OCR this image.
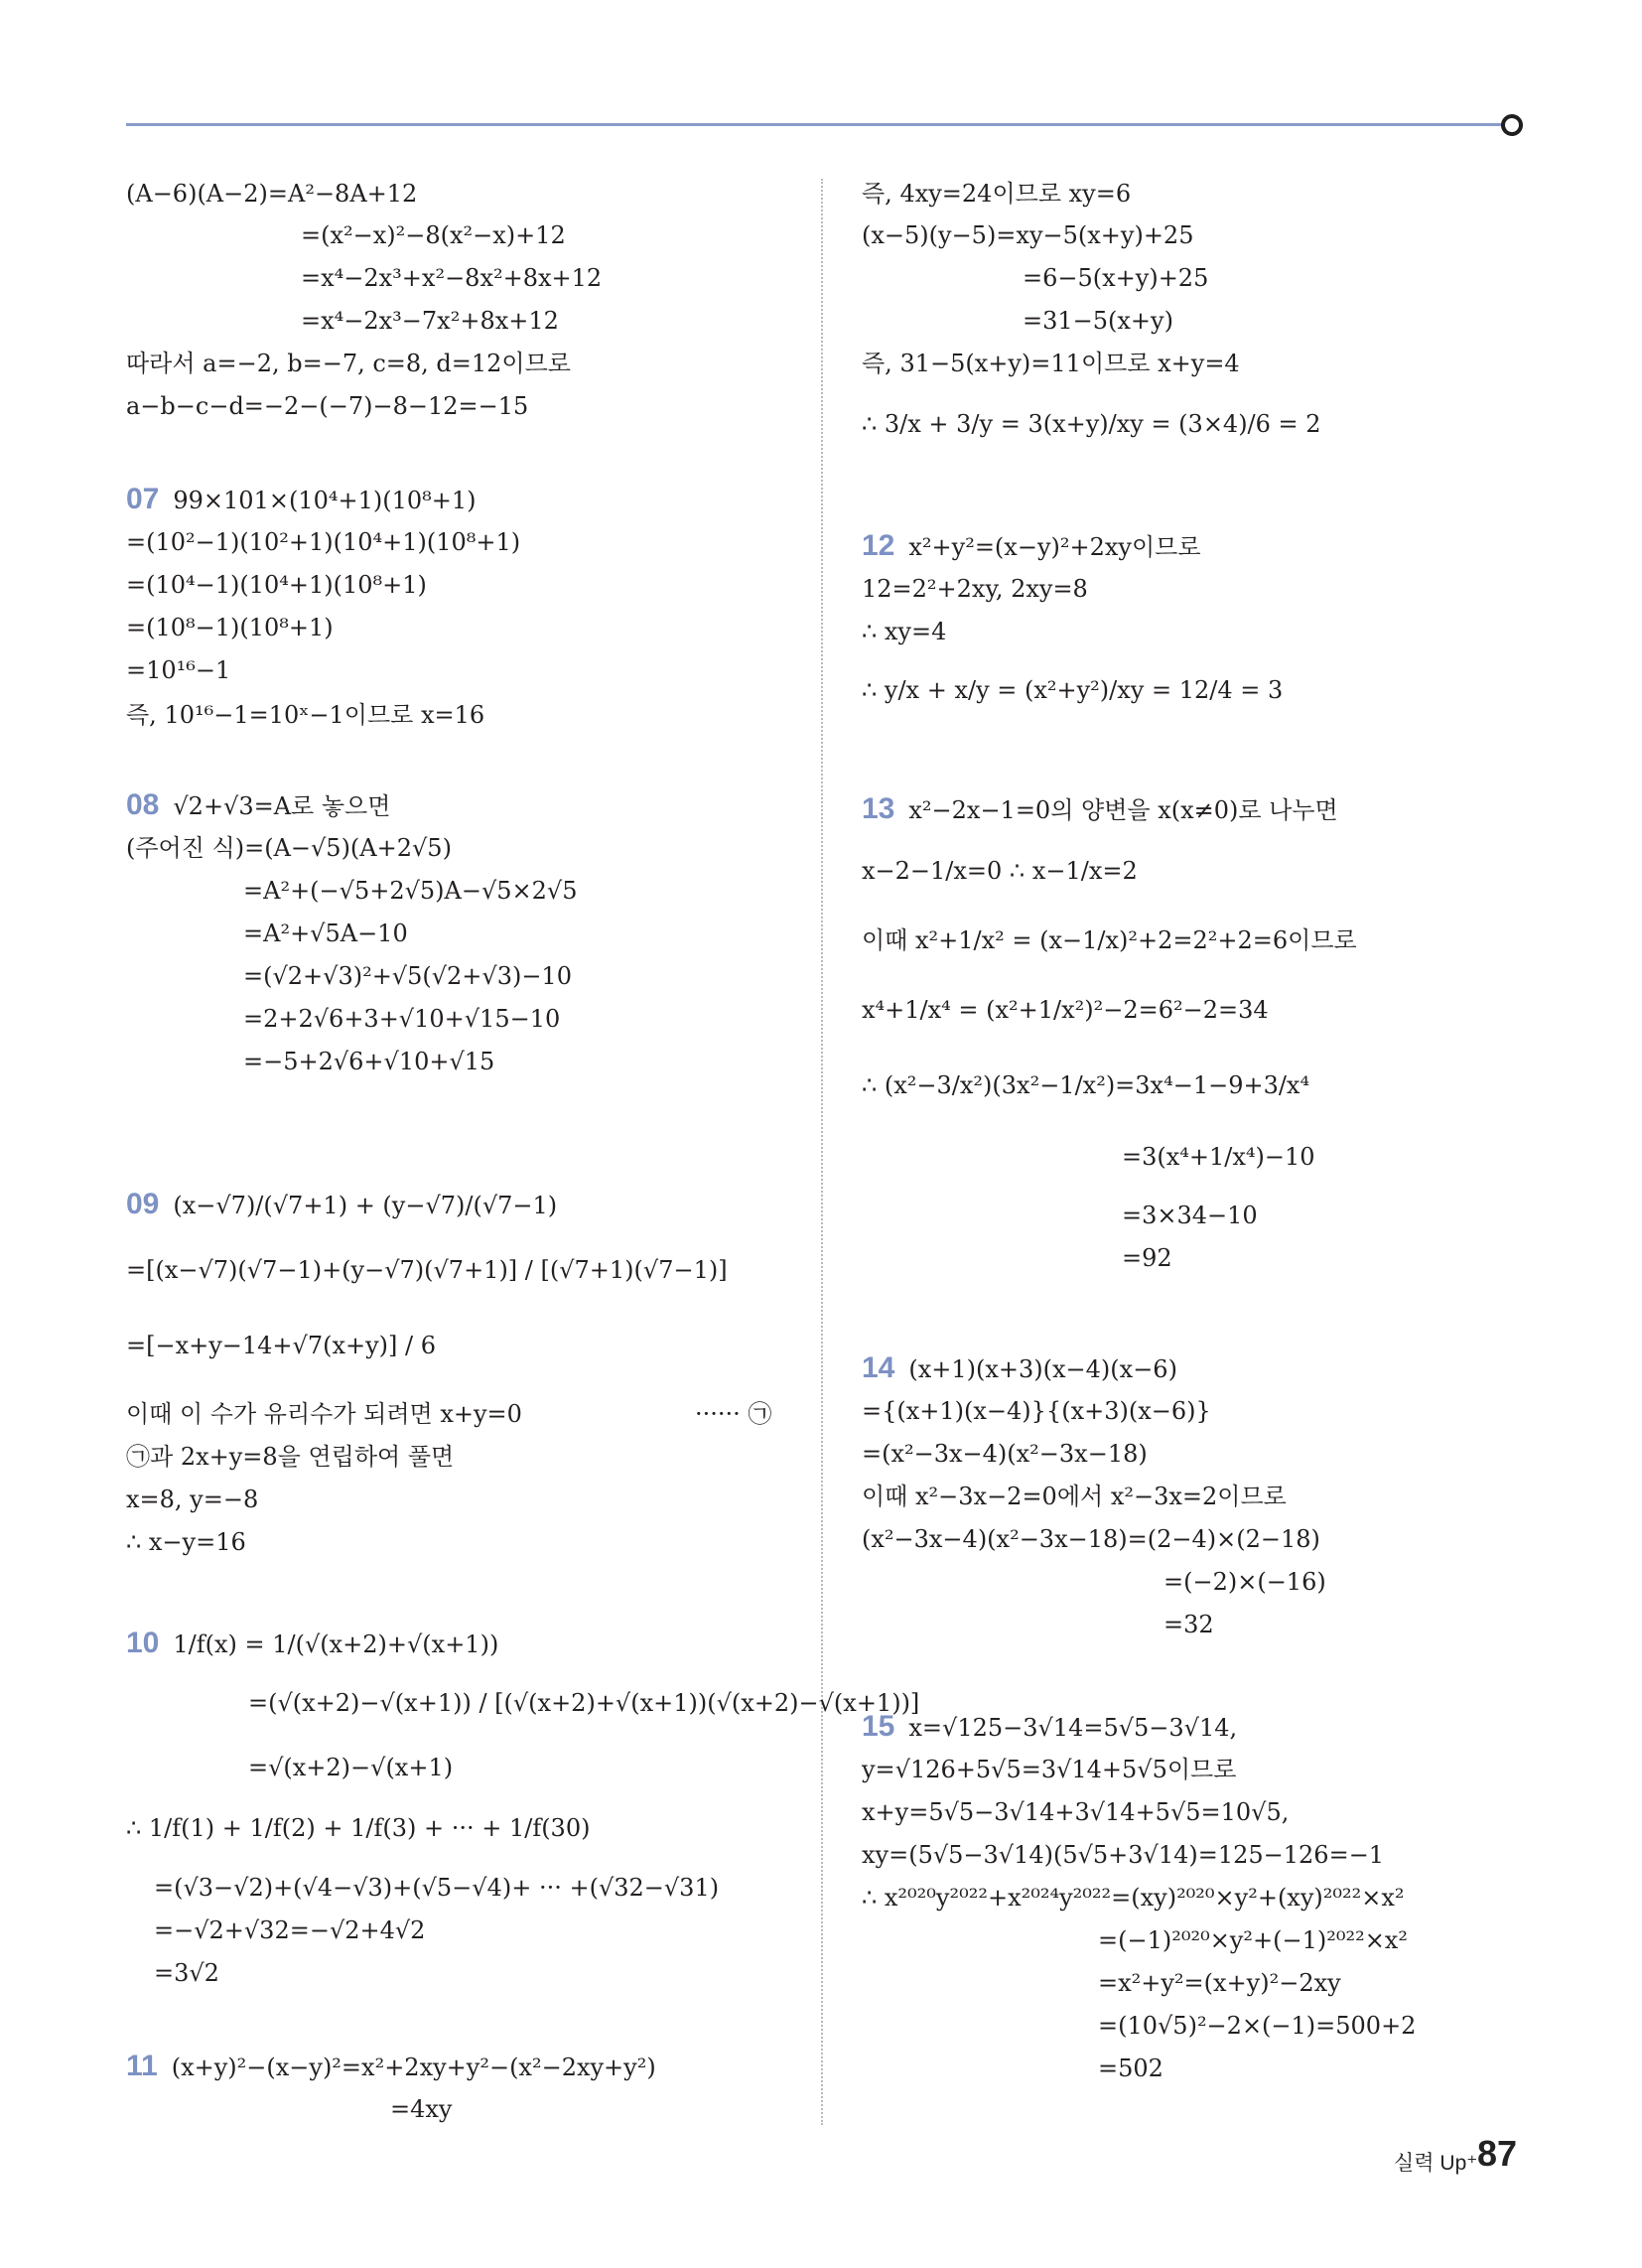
(A−6)(A−2)=A²−8A+12
=(x²−x)²−8(x²−x)+12
=x⁴−2x³+x²−8x²+8x+12
=x⁴−2x³−7x²+8x+12
따라서 a=−2, b=−7, c=8, d=12이므로
a−b−c−d=−2−(−7)−8−12=−15
07 99×101×(10⁴+1)(10⁸+1)
=(10²−1)(10²+1)(10⁴+1)(10⁸+1)
=(10⁴−1)(10⁴+1)(10⁸+1)
=(10⁸−1)(10⁸+1)
=10¹⁶−1
즉, 10¹⁶−1=10ˣ−1이므로 x=16
08 √2+√3=A로 놓으면
(주어진 식)=(A−√5)(A+2√5)
=A²+(−√5+2√5)A−√5×2√5
=A²+√5A−10
=(√2+√3)²+√5(√2+√3)−10
=2+2√6+3+√10+√15−10
=−5+2√6+√10+√15
09 (x−√7)/(√7+1) + (y−√7)/(√7−1)
=[(x−√7)(√7−1)+(y−√7)(√7+1)] / [(√7+1)(√7−1)]
=[−x+y−14+√7(x+y)] / 6
이때 이 수가 유리수가 되려면 x+y=0	······ ㉠
㉠과 2x+y=8을 연립하여 풀면
x=8, y=−8
∴ x−y=16
10 1/f(x) = 1/(√(x+2)+√(x+1))
=(√(x+2)−√(x+1)) / [(√(x+2)+√(x+1))(√(x+2)−√(x+1))]
=√(x+2)−√(x+1)
∴ 1/f(1) + 1/f(2) + 1/f(3) + ··· + 1/f(30)
=(√3−√2)+(√4−√3)+(√5−√4)+ ··· +(√32−√31)
=−√2+√32=−√2+4√2
=3√2
11 (x+y)²−(x−y)²=x²+2xy+y²−(x²−2xy+y²)
=4xy
즉, 4xy=24이므로 xy=6
(x−5)(y−5)=xy−5(x+y)+25
=6−5(x+y)+25
=31−5(x+y)
즉, 31−5(x+y)=11이므로 x+y=4
∴ 3/x + 3/y = 3(x+y)/xy = (3×4)/6 = 2
12 x²+y²=(x−y)²+2xy이므로
12=2²+2xy, 2xy=8
∴ xy=4
∴ y/x + x/y = (x²+y²)/xy = 12/4 = 3
13 x²−2x−1=0의 양변을 x(x≠0)로 나누면
x−2−1/x=0 ∴ x−1/x=2
이때 x²+1/x² = (x−1/x)²+2=2²+2=6이므로
x⁴+1/x⁴ = (x²+1/x²)²−2=6²−2=34
∴ (x²−3/x²)(3x²−1/x²)=3x⁴−1−9+3/x⁴
=3(x⁴+1/x⁴)−10
=3×34−10
=92
14 (x+1)(x+3)(x−4)(x−6)
={(x+1)(x−4)}{(x+3)(x−6)}
=(x²−3x−4)(x²−3x−18)
이때 x²−3x−2=0에서 x²−3x=2이므로
(x²−3x−4)(x²−3x−18)=(2−4)×(2−18)
=(−2)×(−16)
=32
15 x=√125−3√14=5√5−3√14,
y=√126+5√5=3√14+5√5이므로
x+y=5√5−3√14+3√14+5√5=10√5,
xy=(5√5−3√14)(5√5+3√14)=125−126=−1
∴ x²⁰²⁰y²⁰²²+x²⁰²⁴y²⁰²²=(xy)²⁰²⁰×y²+(xy)²⁰²²×x²
=(−1)²⁰²⁰×y²+(−1)²⁰²²×x²
=x²+y²=(x+y)²−2xy
=(10√5)²−2×(−1)=500+2
=502
실력 Up⁺ 87
